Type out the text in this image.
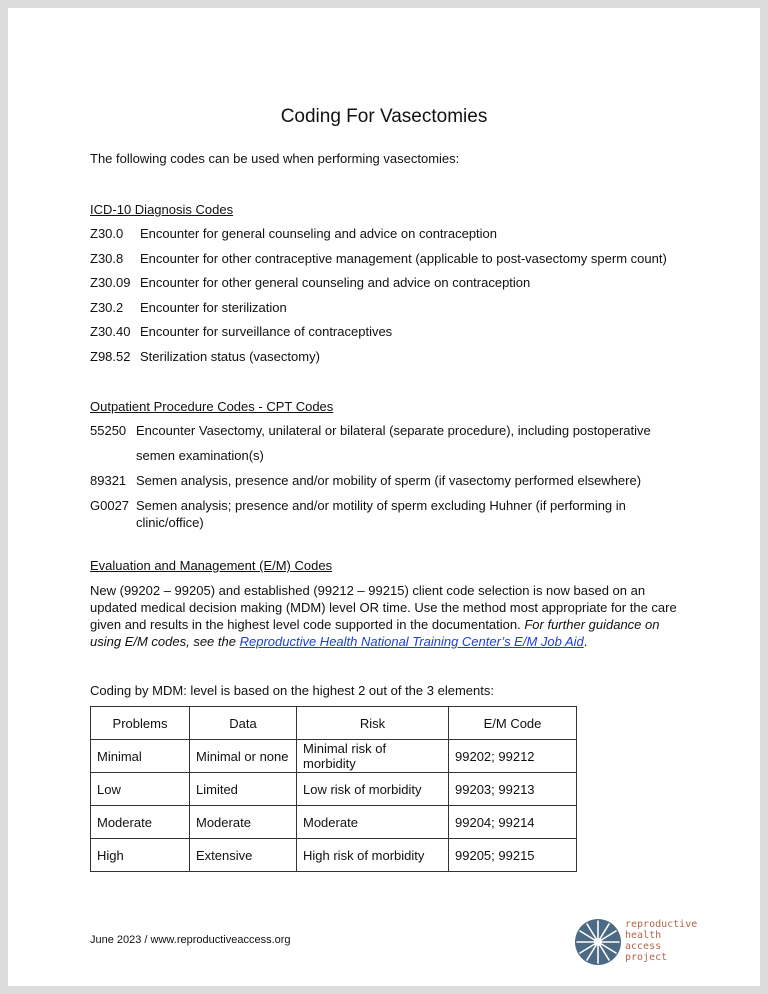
Coding For Vasectomies
The following codes can be used when performing vasectomies:
ICD-10 Diagnosis Codes
Z30.0 Encounter for general counseling and advice on contraception
Z30.8 Encounter for other contraceptive management (applicable to post-vasectomy sperm count)
Z30.09 Encounter for other general counseling and advice on contraception
Z30.2 Encounter for sterilization
Z30.40 Encounter for surveillance of contraceptives
Z98.52 Sterilization status (vasectomy)
Outpatient Procedure Codes - CPT Codes
55250 Encounter Vasectomy, unilateral or bilateral (separate procedure), including postoperative
semen examination(s)
89321 Semen analysis, presence and/or mobility of sperm (if vasectomy performed elsewhere)
G0027 Semen analysis; presence and/or motility of sperm excluding Huhner (if performing in
clinic/office)
Evaluation and Management (E/M) Codes
New (99202 – 99205) and established (99212 – 99215) client code selection is now based on an updated medical decision making (MDM) level OR time. Use the method most appropriate for the care given and results in the highest level code supported in the documentation. For further guidance on using E/M codes, see the Reproductive Health National Training Center’s E/M Job Aid.
Coding by MDM: level is based on the highest 2 out of the 3 elements:
Problems	Data	Risk	E/M Code
Minimal	Minimal or none	Minimal risk of morbidity	99202; 99212
Low	Limited	Low risk of morbidity	99203; 99213
Moderate	Moderate	Moderate	99204; 99214
High	Extensive	High risk of morbidity	99205; 99215
June 2023 / www.reproductiveaccess.org
reproductive
health
access
project
